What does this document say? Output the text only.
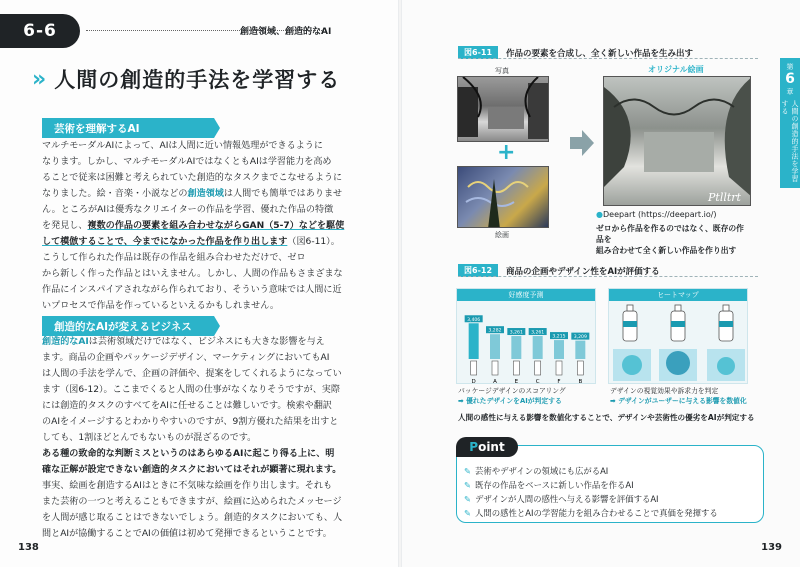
6-6	創造領域、創造的なAI
» 人間の創造的手法を学習する
芸術を理解するAI
マルチモーダルAIによって、AIは人間に近い情報処理ができるように
なります。しかし、マルチモーダルAIではなくともAIは学習能力を高め
ることで従来は困難と考えられていた創造的なタスクまでこなせるように
なりました。絵・音楽・小説などの創造領域は人間でも簡単ではありませ
ん。ところがAIは優秀なクリエイターの作品を学習、優れた作品の特徴
を発見し、複数の作品の要素を組み合わせながらGAN（5-7）などを駆使
して模倣することで、今までになかった作品を作り出します（図6-11）。
こうして作られた作品は既存の作品を組み合わせただけで、ゼロ
から新しく作った作品とはいえません。しかし、人間の作品もさまざまな
作品にインスパイアされながら作られており、そういう意味では人間に近
いプロセスで作品を作っているといえるかもしれません。
創造的なAIが変えるビジネス
創造的なAIは芸術領域だけではなく、ビジネスにも大きな影響を与え
ます。商品の企画やパッケージデザイン、マーケティングにおいてもAI
は人間の手法を学んで、企画の評価や、提案をしてくれるようになってい
ます（図6-12）。ここまでくると人間の仕事がなくなりそうですが、実際
には創造的タスクのすべてをAIに任せることは難しいです。検索や翻訳
のAIをイメージするとわかりやすいのですが、9割方優れた結果を出すと
しても、1割ほどとんでもないものが混ざるのです。
ある種の致命的な判断ミスというのはあらゆるAIに起こり得る上に、明
確な正解が設定できない創造的タスクにおいてはそれが顕著に現れます。
事実、絵画を創造するAIはときに不気味な絵画を作り出します。それも
また芸術の一つと考えることもできますが、絵画に込められたメッセージ
を人間が感じ取ることはできないでしょう。創造的タスクにおいても、人
間とAIが協働することでAIの価値は初めて発揮できるということです。
138
第
6
章
人間の創造的手法を学習する
図6-11	作品の要素を合成し、全く新しい作品を生み出す
写真
+
絵画
オリジナル絵画
Ptlltrt
●Deepart (https://deepart.io/)
ゼロから作品を作るのではなく、既存の作品を
組み合わせて全く新しい作品を作り出す
図6-12	商品の企画やデザイン性をAIが評価する
好感度予測
3,406
D
3,282
A
3,261
E
3,261
C
3,215
F
3,209
B
パッケージデザインのスコアリング
➡ 優れたデザインをAIが判定する
ヒートマップ
デザインの視覚効果や訴求力を判定
➡ デザインがユーザーに与える影響を数値化
人間の感性に与える影響を数値化することで、デザインや芸術性の優劣をAIが判定する
P oint
✎ 芸術やデザインの領域にも広がるAI
✎ 既存の作品をベースに新しい作品を作るAI
✎ デザインが人間の感性へ与える影響を評価するAI
✎ 人間の感性とAIの学習能力を組み合わせることで真価を発揮する
139
